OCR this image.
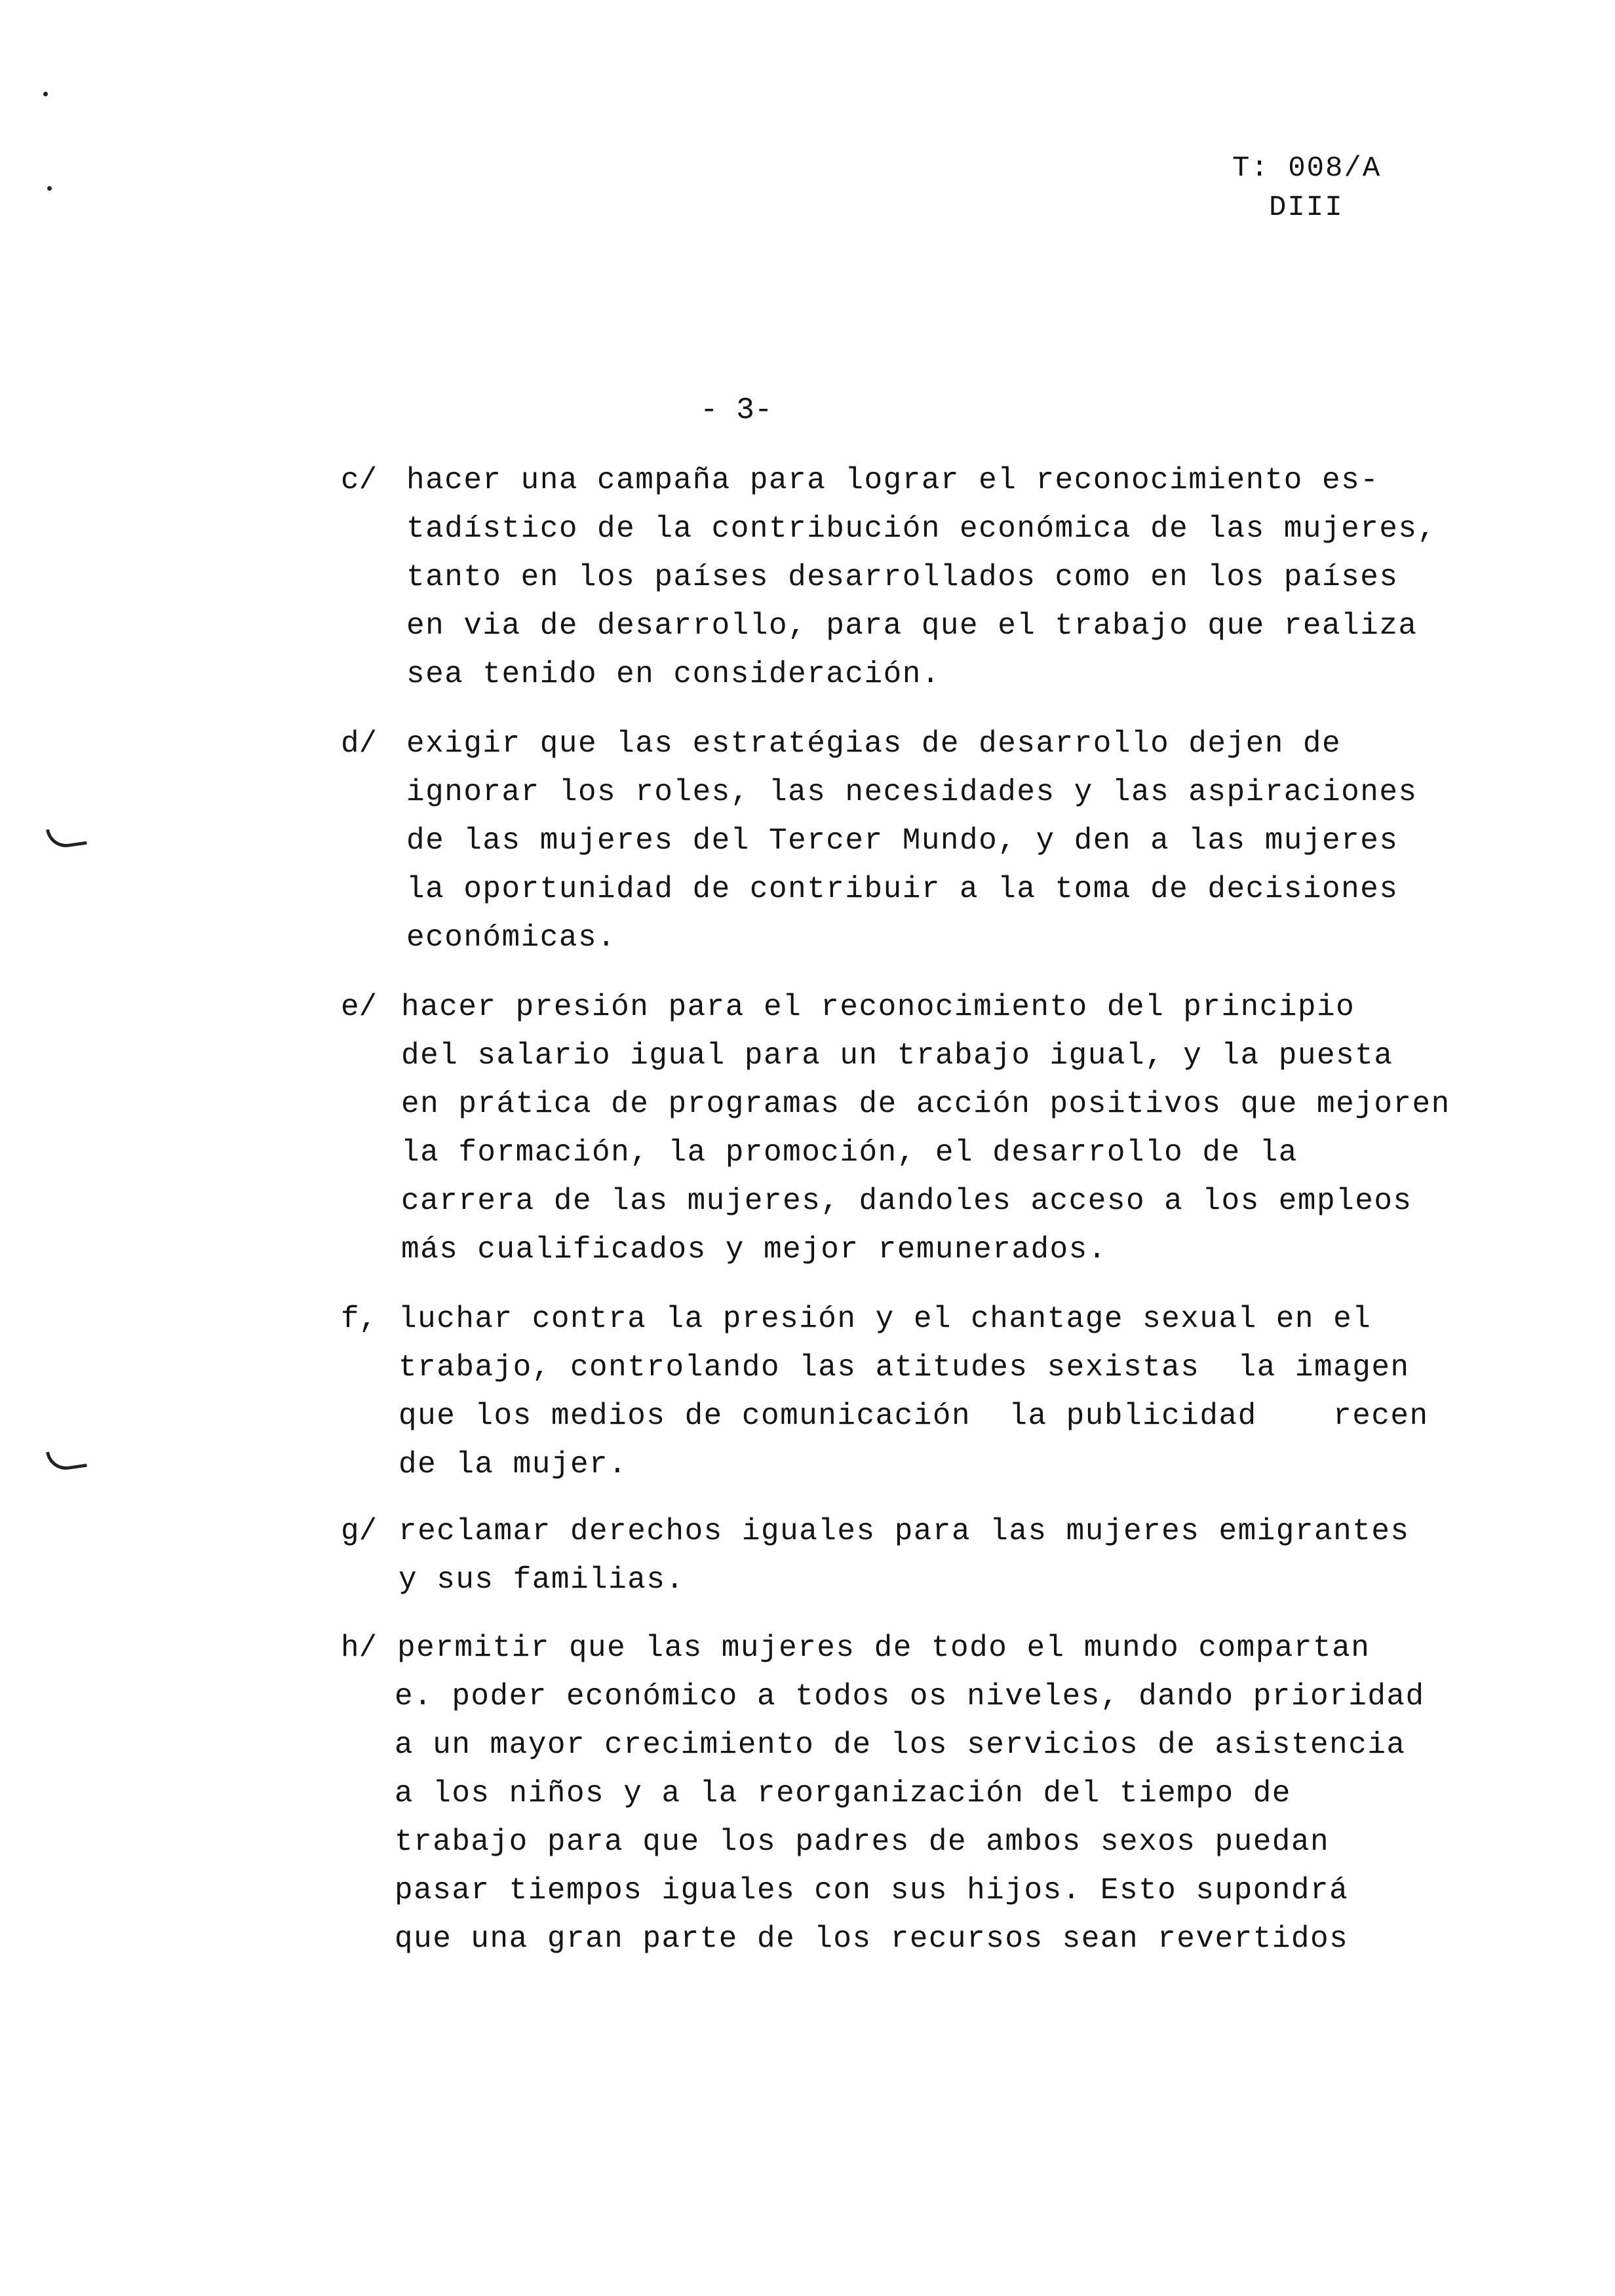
T: 008/A
DIII
- 3-
c/ hacer una campaña para lograr el reconocimiento es-
tadístico de la contribución económica de las mujeres,
tanto en los países desarrollados como en los países
en via de desarrollo, para que el trabajo que realiza
sea tenido en consideración.
d/ exigir que las estratégias de desarrollo dejen de
ignorar los roles, las necesidades y las aspiraciones
de las mujeres del Tercer Mundo, y den a las mujeres
la oportunidad de contribuir a la toma de decisiones
económicas.
e/ hacer presión para el reconocimiento del principio
del salario igual para un trabajo igual, y la puesta
en prática de programas de acción positivos que mejoren
la formación, la promoción, el desarrollo de la
carrera de las mujeres, dandoles acceso a los empleos
más cualificados y mejor remunerados.
f, luchar contra la presión y el chantage sexual en el
trabajo, controlando las atitudes sexistas  la imagen
que los medios de comunicación  la publicidad    recen
de la mujer.
g/ reclamar derechos iguales para las mujeres emigrantes
y sus familias.
h/ permitir que las mujeres de todo el mundo compartan
e. poder económico a todos os niveles, dando prioridad
a un mayor crecimiento de los servicios de asistencia
a los niños y a la reorganización del tiempo de
trabajo para que los padres de ambos sexos puedan
pasar tiempos iguales con sus hijos. Esto supondrá
que una gran parte de los recursos sean revertidos
